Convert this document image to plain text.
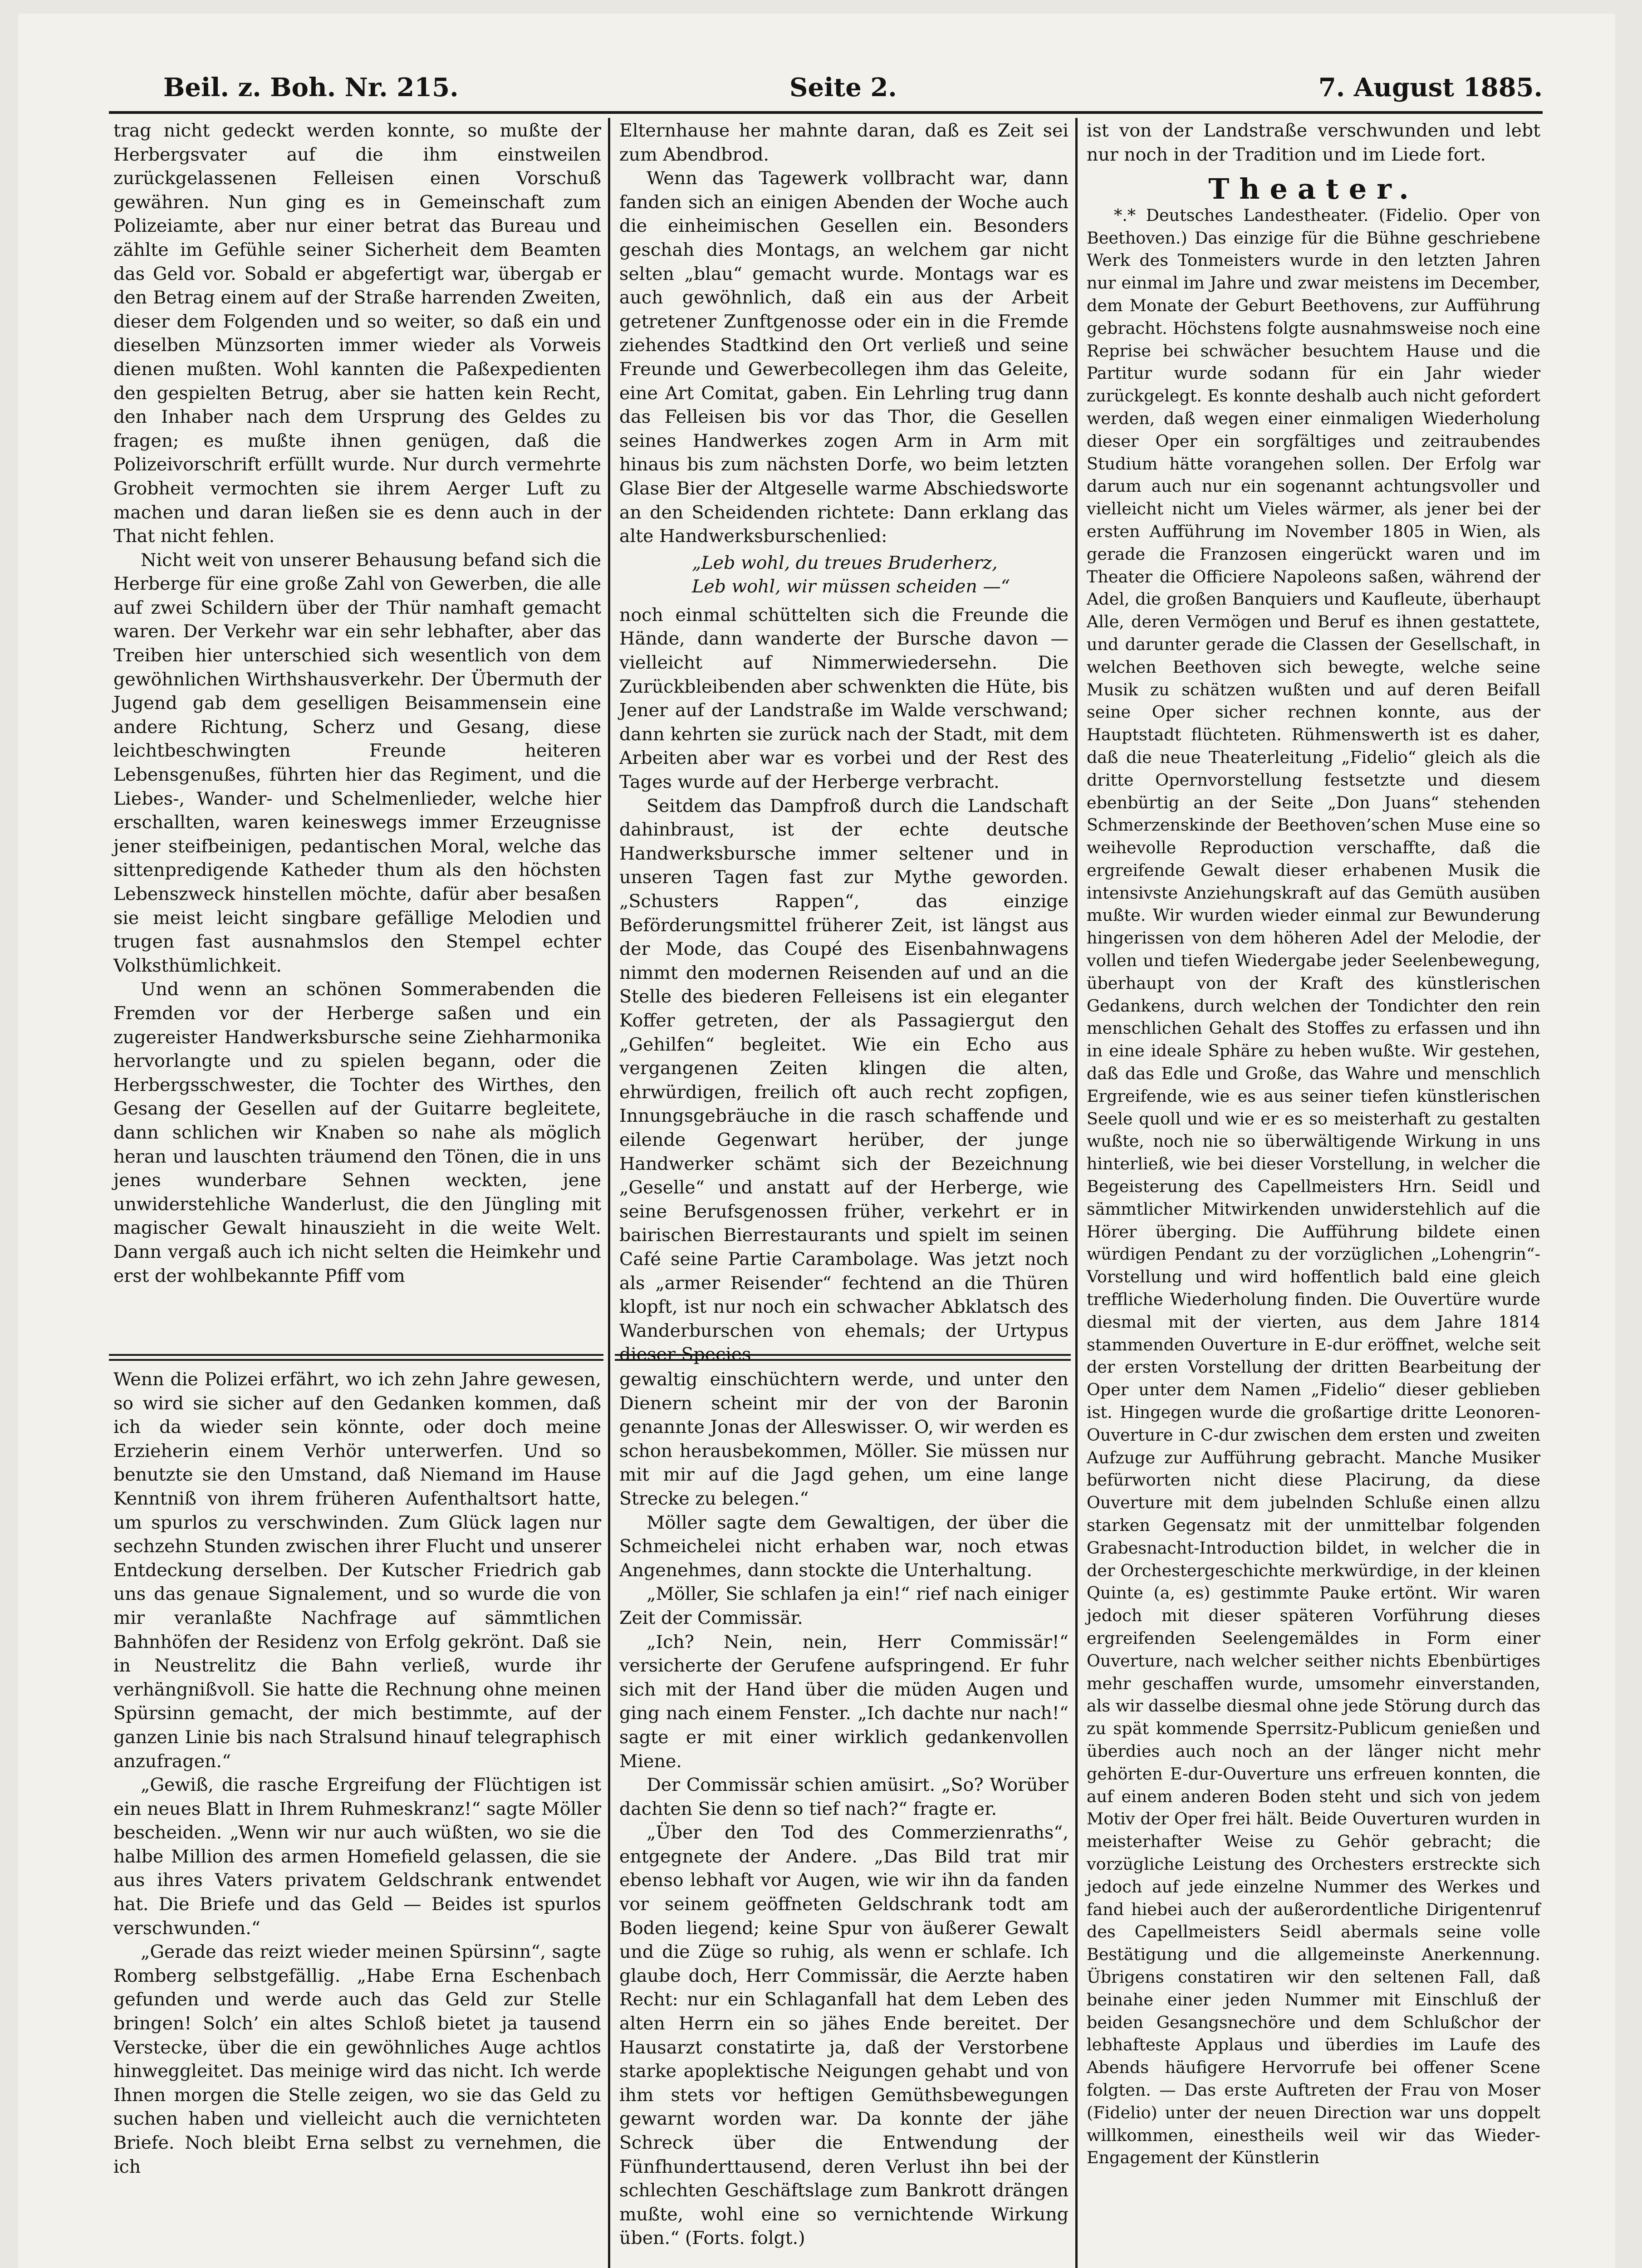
Beil. z. Boh. Nr. 215.	Seite 2.	7. August 1885.

trag nicht gedeckt werden konnte, so mußte der Herbergsvater auf die ihm einstweilen zurückgelassenen Felleisen einen Vorschuß gewähren. Nun ging es in Gemeinschaft zum Polizeiamte, aber nur einer betrat das Bureau und zählte im Gefühle seiner Sicherheit dem Beamten das Geld vor. Sobald er abgefertigt war, übergab er den Betrag einem auf der Straße harrenden Zweiten, dieser dem Folgenden und so weiter, so daß ein und dieselben Münzsorten immer wieder als Vorweis dienen mußten. Wohl kannten die Paßexpedienten den gespielten Betrug, aber sie hatten kein Recht, den Inhaber nach dem Ursprung des Geldes zu fragen; es mußte ihnen genügen, daß die Polizeivorschrift erfüllt wurde. Nur durch vermehrte Grobheit vermochten sie ihrem Aerger Luft zu machen und daran ließen sie es denn auch in der That nicht fehlen.

Nicht weit von unserer Behausung befand sich die Herberge für eine große Zahl von Gewerben, die alle auf zwei Schildern über der Thür namhaft gemacht waren. Der Verkehr war ein sehr lebhafter, aber das Treiben hier unterschied sich wesentlich von dem gewöhnlichen Wirthshausverkehr. Der Übermuth der Jugend gab dem geselligen Beisammensein eine andere Richtung, Scherz und Gesang, diese leichtbeschwingten Freunde heiteren Lebensgenußes, führten hier das Regiment, und die Liebes-, Wander- und Schelmenlieder, welche hier erschallten, waren keineswegs immer Erzeugnisse jener steifbeinigen, pedantischen Moral, welche das sittenpredigende Katheder thum als den höchsten Lebenszweck hinstellen möchte, dafür aber besaßen sie meist leicht singbare gefällige Melodien und trugen fast ausnahmslos den Stempel echter Volksthümlichkeit.

Und wenn an schönen Sommerabenden die Fremden vor der Herberge saßen und ein zugereister Handwerksbursche seine Ziehharmonika hervorlangte und zu spielen begann, oder die Herbergsschwester, die Tochter des Wirthes, den Gesang der Gesellen auf der Guitarre begleitete, dann schlichen wir Knaben so nahe als möglich heran und lauschten träumend den Tönen, die in uns jenes wunderbare Sehnen weckten, jene unwiderstehliche Wanderlust, die den Jüngling mit magischer Gewalt hinauszieht in die weite Welt. Dann vergaß auch ich nicht selten die Heimkehr und erst der wohlbekannte Pfiff vom

Elternhause her mahnte daran, daß es Zeit sei zum Abendbrod.

Wenn das Tagewerk vollbracht war, dann fanden sich an einigen Abenden der Woche auch die einheimischen Gesellen ein. Besonders geschah dies Montags, an welchem gar nicht selten „blau“ gemacht wurde. Montags war es auch gewöhnlich, daß ein aus der Arbeit getretener Zunftgenosse oder ein in die Fremde ziehendes Stadtkind den Ort verließ und seine Freunde und Gewerbecollegen ihm das Geleite, eine Art Comitat, gaben. Ein Lehrling trug dann das Felleisen bis vor das Thor, die Gesellen seines Handwerkes zogen Arm in Arm mit hinaus bis zum nächsten Dorfe, wo beim letzten Glase Bier der Altgeselle warme Abschiedsworte an den Scheidenden richtete: Dann erklang das alte Handwerksburschenlied:

„Leb wohl, du treues Bruderherz,
Leb wohl, wir müssen scheiden —“

noch einmal schüttelten sich die Freunde die Hände, dann wanderte der Bursche davon — vielleicht auf Nimmerwiedersehn. Die Zurückbleibenden aber schwenkten die Hüte, bis Jener auf der Landstraße im Walde verschwand; dann kehrten sie zurück nach der Stadt, mit dem Arbeiten aber war es vorbei und der Rest des Tages wurde auf der Herberge verbracht.

Seitdem das Dampfroß durch die Landschaft dahinbraust, ist der echte deutsche Handwerksbursche immer seltener und in unseren Tagen fast zur Mythe geworden. „Schusters Rappen“, das einzige Beförderungsmittel früherer Zeit, ist längst aus der Mode, das Coupé des Eisenbahnwagens nimmt den modernen Reisenden auf und an die Stelle des biederen Felleisens ist ein eleganter Koffer getreten, der als Passagiergut den „Gehilfen“ begleitet. Wie ein Echo aus vergangenen Zeiten klingen die alten, ehrwürdigen, freilich oft auch recht zopfigen, Innungsgebräuche in die rasch schaffende und eilende Gegenwart herüber, der junge Handwerker schämt sich der Bezeichnung „Geselle“ und anstatt auf der Herberge, wie seine Berufsgenossen früher, verkehrt er in bairischen Bierrestaurants und spielt im seinen Café seine Partie Carambolage. Was jetzt noch als „armer Reisender“ fechtend an die Thüren klopft, ist nur noch ein schwacher Abklatsch des Wanderburschen von ehemals; der Urtypus dieser Species

Wenn die Polizei erfährt, wo ich zehn Jahre gewesen, so wird sie sicher auf den Gedanken kommen, daß ich da wieder sein könnte, oder doch meine Erzieherin einem Verhör unterwerfen. Und so benutzte sie den Umstand, daß Niemand im Hause Kenntniß von ihrem früheren Aufenthaltsort hatte, um spurlos zu verschwinden. Zum Glück lagen nur sechzehn Stunden zwischen ihrer Flucht und unserer Entdeckung derselben. Der Kutscher Friedrich gab uns das genaue Signalement, und so wurde die von mir veranlaßte Nachfrage auf sämmtlichen Bahnhöfen der Residenz von Erfolg gekrönt. Daß sie in Neustrelitz die Bahn verließ, wurde ihr verhängnißvoll. Sie hatte die Rechnung ohne meinen Spürsinn gemacht, der mich bestimmte, auf der ganzen Linie bis nach Stralsund hinauf telegraphisch anzufragen.“

„Gewiß, die rasche Ergreifung der Flüchtigen ist ein neues Blatt in Ihrem Ruhmeskranz!“ sagte Möller bescheiden. „Wenn wir nur auch wüßten, wo sie die halbe Million des armen Homefield gelassen, die sie aus ihres Vaters privatem Geldschrank entwendet hat. Die Briefe und das Geld — Beides ist spurlos verschwunden.“

„Gerade das reizt wieder meinen Spürsinn“, sagte Romberg selbstgefällig. „Habe Erna Eschenbach gefunden und werde auch das Geld zur Stelle bringen! Solch’ ein altes Schloß bietet ja tausend Verstecke, über die ein gewöhnliches Auge achtlos hinweggleitet. Das meinige wird das nicht. Ich werde Ihnen morgen die Stelle zeigen, wo sie das Geld zu suchen haben und vielleicht auch die vernichteten Briefe. Noch bleibt Erna selbst zu vernehmen, die ich

gewaltig einschüchtern werde, und unter den Dienern scheint mir der von der Baronin genannte Jonas der Alleswisser. O, wir werden es schon herausbekommen, Möller. Sie müssen nur mit mir auf die Jagd gehen, um eine lange Strecke zu belegen.“

Möller sagte dem Gewaltigen, der über die Schmeichelei nicht erhaben war, noch etwas Angenehmes, dann stockte die Unterhaltung.

„Möller, Sie schlafen ja ein!“ rief nach einiger Zeit der Commissär.

„Ich? Nein, nein, Herr Commissär!“ versicherte der Gerufene aufspringend. Er fuhr sich mit der Hand über die müden Augen und ging nach einem Fenster. „Ich dachte nur nach!“ sagte er mit einer wirklich gedankenvollen Miene.

Der Commissär schien amüsirt. „So? Worüber dachten Sie denn so tief nach?“ fragte er.

„Über den Tod des Commerzienraths“, entgegnete der Andere. „Das Bild trat mir ebenso lebhaft vor Augen, wie wir ihn da fanden vor seinem geöffneten Geldschrank todt am Boden liegend; keine Spur von äußerer Gewalt und die Züge so ruhig, als wenn er schlafe. Ich glaube doch, Herr Commissär, die Aerzte haben Recht: nur ein Schlaganfall hat dem Leben des alten Herrn ein so jähes Ende bereitet. Der Hausarzt constatirte ja, daß der Verstorbene starke apoplektische Neigungen gehabt und von ihm stets vor heftigen Gemüthsbewegungen gewarnt worden war. Da konnte der jähe Schreck über die Entwendung der Fünfhunderttausend, deren Verlust ihn bei der schlechten Geschäftslage zum Bankrott drängen mußte, wohl eine so vernichtende Wirkung üben.“ (Forts. folgt.)

ist von der Landstraße verschwunden und lebt nur noch in der Tradition und im Liede fort.

Theater.

*.* Deutsches Landestheater. (Fidelio. Oper von Beethoven.) Das einzige für die Bühne geschriebene Werk des Tonmeisters wurde in den letzten Jahren nur einmal im Jahre und zwar meistens im December, dem Monate der Geburt Beethovens, zur Aufführung gebracht. Höchstens folgte ausnahmsweise noch eine Reprise bei schwächer besuchtem Hause und die Partitur wurde sodann für ein Jahr wieder zurückgelegt. Es konnte deshalb auch nicht gefordert werden, daß wegen einer einmaligen Wiederholung dieser Oper ein sorgfältiges und zeitraubendes Studium hätte vorangehen sollen. Der Erfolg war darum auch nur ein sogenannt achtungsvoller und vielleicht nicht um Vieles wärmer, als jener bei der ersten Aufführung im November 1805 in Wien, als gerade die Franzosen eingerückt waren und im Theater die Officiere Napoleons saßen, während der Adel, die großen Banquiers und Kaufleute, überhaupt Alle, deren Vermögen und Beruf es ihnen gestattete, und darunter gerade die Classen der Gesellschaft, in welchen Beethoven sich bewegte, welche seine Musik zu schätzen wußten und auf deren Beifall seine Oper sicher rechnen konnte, aus der Hauptstadt flüchteten. Rühmenswerth ist es daher, daß die neue Theaterleitung „Fidelio“ gleich als die dritte Opernvorstellung festsetzte und diesem ebenbürtig an der Seite „Don Juans“ stehenden Schmerzenskinde der Beethoven’schen Muse eine so weihevolle Reproduction verschaffte, daß die ergreifende Gewalt dieser erhabenen Musik die intensivste Anziehungskraft auf das Gemüth ausüben mußte. Wir wurden wieder einmal zur Bewunderung hingerissen von dem höheren Adel der Melodie, der vollen und tiefen Wiedergabe jeder Seelenbewegung, überhaupt von der Kraft des künstlerischen Gedankens, durch welchen der Tondichter den rein menschlichen Gehalt des Stoffes zu erfassen und ihn in eine ideale Sphäre zu heben wußte. Wir gestehen, daß das Edle und Große, das Wahre und menschlich Ergreifende, wie es aus seiner tiefen künstlerischen Seele quoll und wie er es so meisterhaft zu gestalten wußte, noch nie so überwältigende Wirkung in uns hinterließ, wie bei dieser Vorstellung, in welcher die Begeisterung des Capellmeisters Hrn. Seidl und sämmtlicher Mitwirkenden unwiderstehlich auf die Hörer überging. Die Aufführung bildete einen würdigen Pendant zu der vorzüglichen „Lohengrin“-Vorstellung und wird hoffentlich bald eine gleich treffliche Wiederholung finden. Die Ouvertüre wurde diesmal mit der vierten, aus dem Jahre 1814 stammenden Ouverture in E-dur eröffnet, welche seit der ersten Vorstellung der dritten Bearbeitung der Oper unter dem Namen „Fidelio“ dieser geblieben ist. Hingegen wurde die großartige dritte Leonoren-Ouverture in C-dur zwischen dem ersten und zweiten Aufzuge zur Aufführung gebracht. Manche Musiker befürworten nicht diese Placirung, da diese Ouverture mit dem jubelnden Schluße einen allzu starken Gegensatz mit der unmittelbar folgenden Grabesnacht-Introduction bildet, in welcher die in der Orchestergeschichte merkwürdige, in der kleinen Quinte (a, es) gestimmte Pauke ertönt. Wir waren jedoch mit dieser späteren Vorführung dieses ergreifenden Seelengemäldes in Form einer Ouverture, nach welcher seither nichts Ebenbürtiges mehr geschaffen wurde, umsomehr einverstanden, als wir dasselbe diesmal ohne jede Störung durch das zu spät kommende Sperrsitz-Publicum genießen und überdies auch noch an der länger nicht mehr gehörten E-dur-Ouverture uns erfreuen konnten, die auf einem anderen Boden steht und sich von jedem Motiv der Oper frei hält. Beide Ouverturen wurden in meisterhafter Weise zu Gehör gebracht; die vorzügliche Leistung des Orchesters erstreckte sich jedoch auf jede einzelne Nummer des Werkes und fand hiebei auch der außerordentliche Dirigentenruf des Capellmeisters Seidl abermals seine volle Bestätigung und die allgemeinste Anerkennung. Übrigens constatiren wir den seltenen Fall, daß beinahe einer jeden Nummer mit Einschluß der beiden Gesangsnechöre und dem Schlußchor der lebhafteste Applaus und überdies im Laufe des Abends häufigere Hervorrufe bei offener Scene folgten. — Das erste Auftreten der Frau von Moser (Fidelio) unter der neuen Direction war uns doppelt willkommen, einestheils weil wir das Wieder-Engagement der Künstlerin
